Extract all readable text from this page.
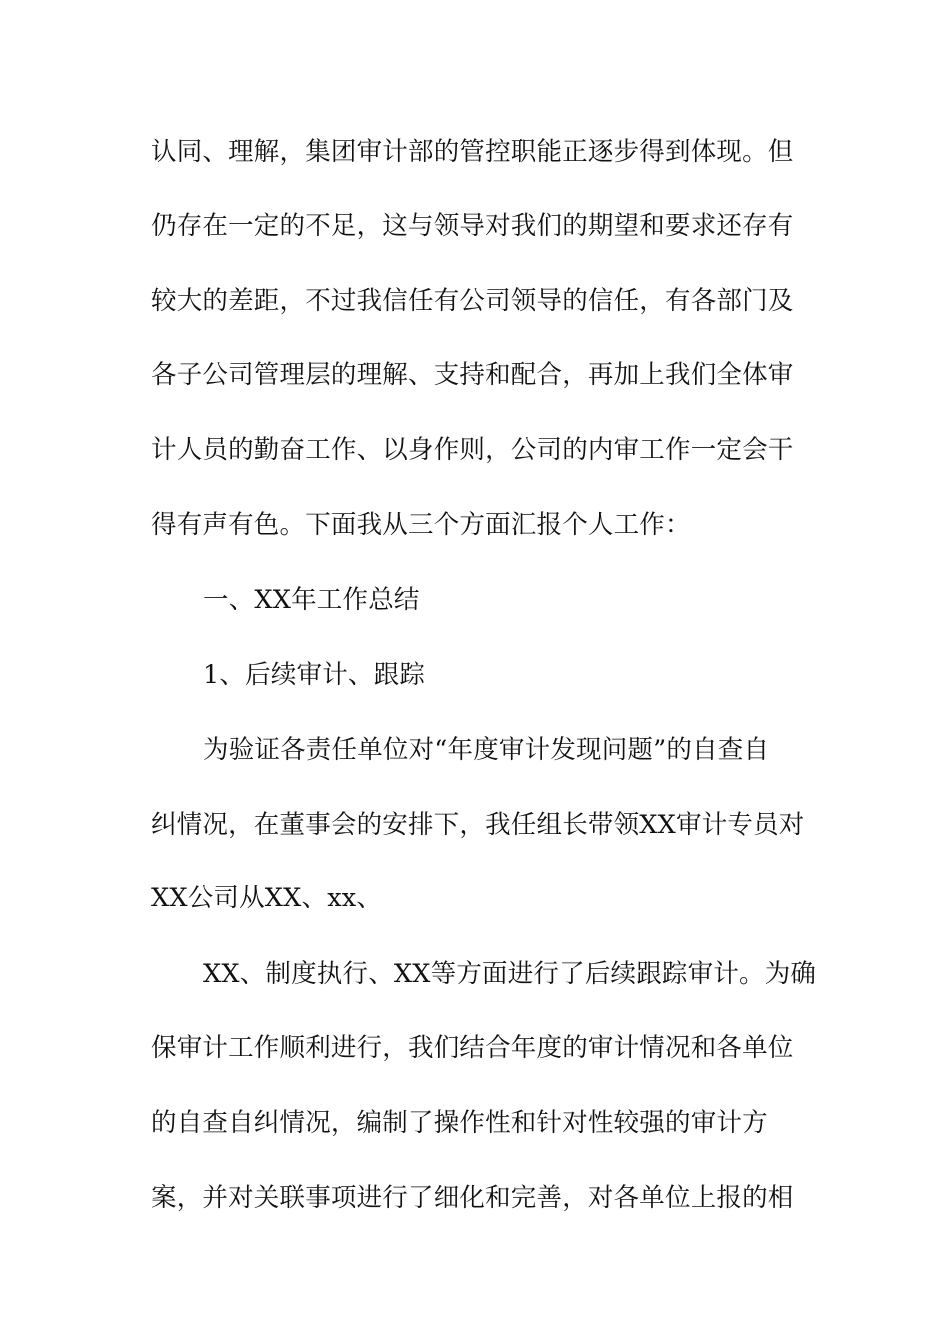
认同、理解，集团审计部的管控职能正逐步得到体现。但
仍存在一定的不足，这与领导对我们的期望和要求还存有
较大的差距，不过我信任有公司领导的信任，有各部门及
各子公司管理层的理解、支持和配合，再加上我们全体审
计人员的勤奋工作、以身作则，公司的内审工作一定会干
得有声有色。下面我从三个方面汇报个人工作：
一、XX年工作总结
1、后续审计、跟踪
为验证各责任单位对“年度审计发现问题”的自查自
纠情况，在董事会的安排下，我任组长带领XX审计专员对
XX公司从XX、xx、
XX、制度执行、XX等方面进行了后续跟踪审计。为确
保审计工作顺利进行，我们结合年度的审计情况和各单位
的自查自纠情况，编制了操作性和针对性较强的审计方
案，并对关联事项进行了细化和完善，对各单位上报的相
